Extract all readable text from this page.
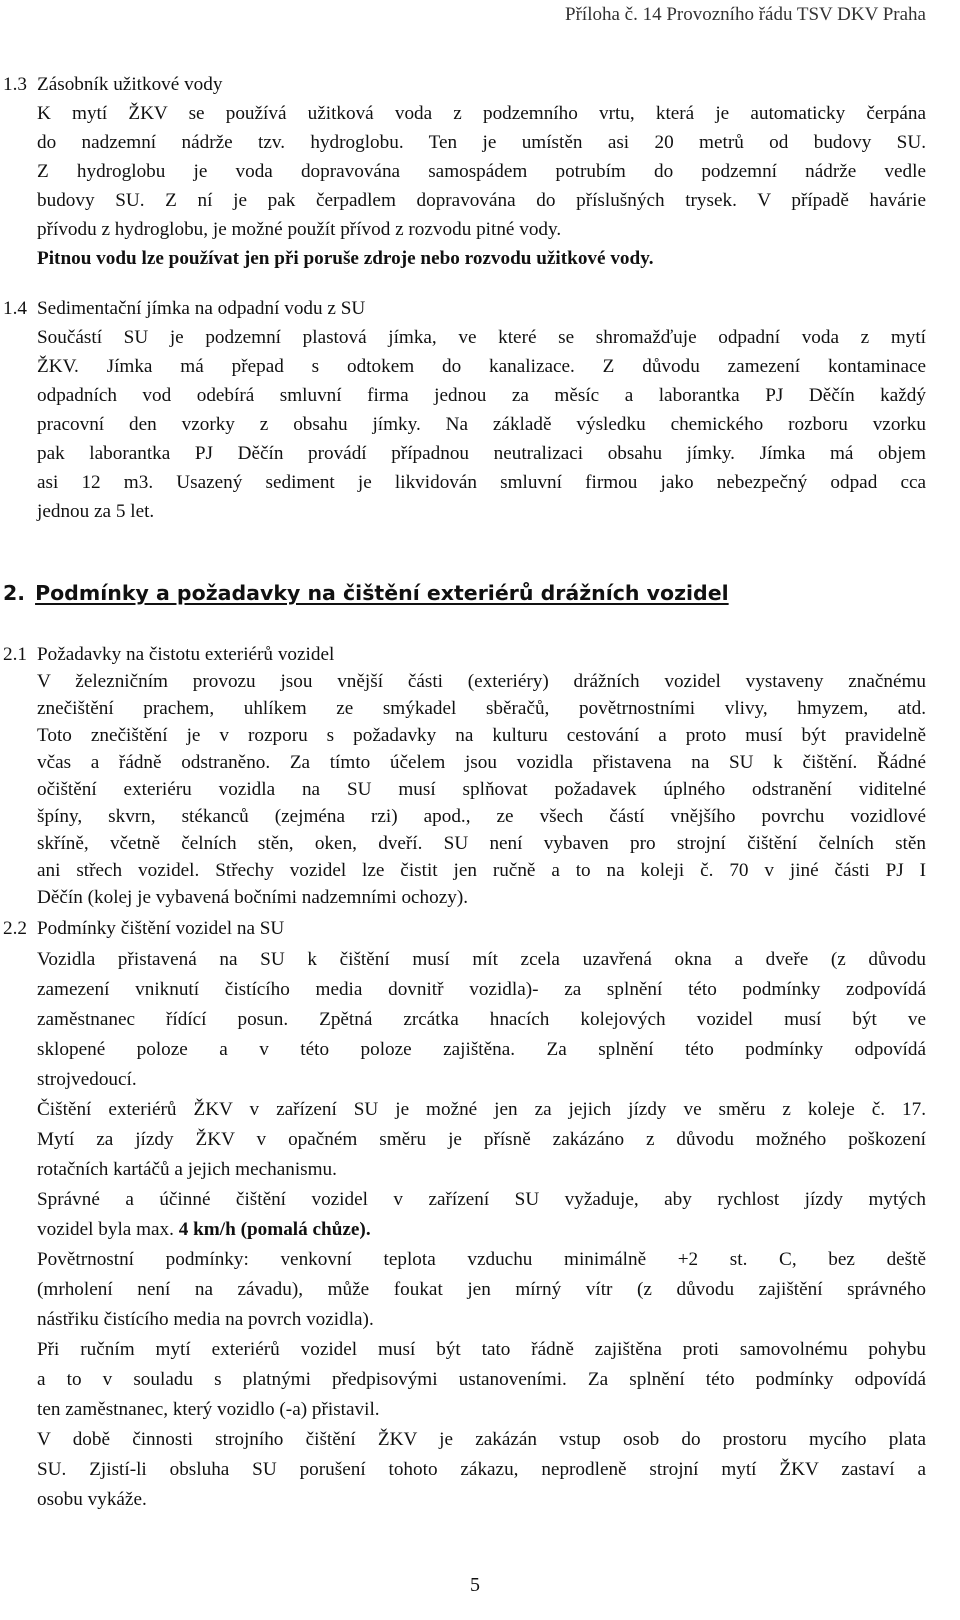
Příloha č. 14 Provozního řádu TSV DKV Praha
1.3 Zásobník užitkové vody
K mytí ŽKV se používá užitková voda z podzemního vrtu, která je automaticky čerpána
do nadzemní nádrže tzv. hydroglobu. Ten je umístěn asi 20 metrů od budovy SU.
Z hydroglobu je voda dopravována samospádem potrubím do podzemní nádrže vedle
budovy SU. Z ní je pak čerpadlem dopravována do příslušných trysek. V případě havárie
přívodu z hydroglobu, je možné použít přívod z rozvodu pitné vody.
Pitnou vodu lze používat jen při poruše zdroje nebo rozvodu užitkové vody.
1.4 Sedimentační jímka na odpadní vodu z SU
Součástí SU je podzemní plastová jímka, ve které se shromažďuje odpadní voda z mytí
ŽKV. Jímka má přepad s odtokem do kanalizace. Z důvodu zamezení kontaminace
odpadních vod odebírá smluvní firma jednou za měsíc a laborantka PJ Děčín každý
pracovní den vzorky z obsahu jímky. Na základě výsledku chemického rozboru vzorku
pak laborantka PJ Děčín provádí případnou neutralizaci obsahu jímky. Jímka má objem
asi 12 m3. Usazený sediment je likvidován smluvní firmou jako nebezpečný odpad cca
jednou za 5 let.
2. Podmínky a požadavky na čištění exteriérů drážních vozidel
2.1 Požadavky na čistotu exteriérů vozidel
V železničním provozu jsou vnější části (exteriéry) drážních vozidel vystaveny značnému
znečištění prachem, uhlíkem ze smýkadel sběračů, povětrnostními vlivy, hmyzem, atd.
Toto znečištění je v rozporu s požadavky na kulturu cestování a proto musí být pravidelně
včas a řádně odstraněno. Za tímto účelem jsou vozidla přistavena na SU k čištění. Řádné
očištění exteriéru vozidla na SU musí splňovat požadavek úplného odstranění viditelné
špíny, skvrn, stékanců (zejména rzi) apod., ze všech částí vnějšího povrchu vozidlové
skříně, včetně čelních stěn, oken, dveří. SU není vybaven pro strojní čištění čelních stěn
ani střech vozidel. Střechy vozidel lze čistit jen ručně a to na koleji č. 70 v jiné části PJ I
Děčín (kolej je vybavená bočními nadzemními ochozy).
2.2 Podmínky čištění vozidel na SU
Vozidla přistavená na SU k čištění musí mít zcela uzavřená okna a dveře (z důvodu
zamezení vniknutí čistícího media dovnitř vozidla)- za splnění této podmínky zodpovídá
zaměstnanec řídící posun. Zpětná zrcátka hnacích kolejových vozidel musí být ve
sklopené poloze a v této poloze zajištěna. Za splnění této podmínky odpovídá
strojvedoucí.
Čištění exteriérů ŽKV v zařízení SU je možné jen za jejich jízdy ve směru z koleje č. 17.
Mytí za jízdy ŽKV v opačném směru je přísně zakázáno z důvodu možného poškození
rotačních kartáčů a jejich mechanismu.
Správné a účinné čištění vozidel v zařízení SU vyžaduje, aby rychlost jízdy mytých
vozidel byla max. 4 km/h (pomalá chůze).
Povětrnostní podmínky: venkovní teplota vzduchu minimálně +2 st. C, bez deště
(mrholení není na závadu), může foukat jen mírný vítr (z důvodu zajištění správného
nástřiku čistícího media na povrch vozidla).
Při ručním mytí exteriérů vozidel musí být tato řádně zajištěna proti samovolnému pohybu
a to v souladu s platnými předpisovými ustanoveními. Za splnění této podmínky odpovídá
ten zaměstnanec, který vozidlo (-a) přistavil.
V době činnosti strojního čištění ŽKV je zakázán vstup osob do prostoru mycího plata
SU. Zjistí-li obsluha SU porušení tohoto zákazu, neprodleně strojní mytí ŽKV zastaví a
osobu vykáže.
5
